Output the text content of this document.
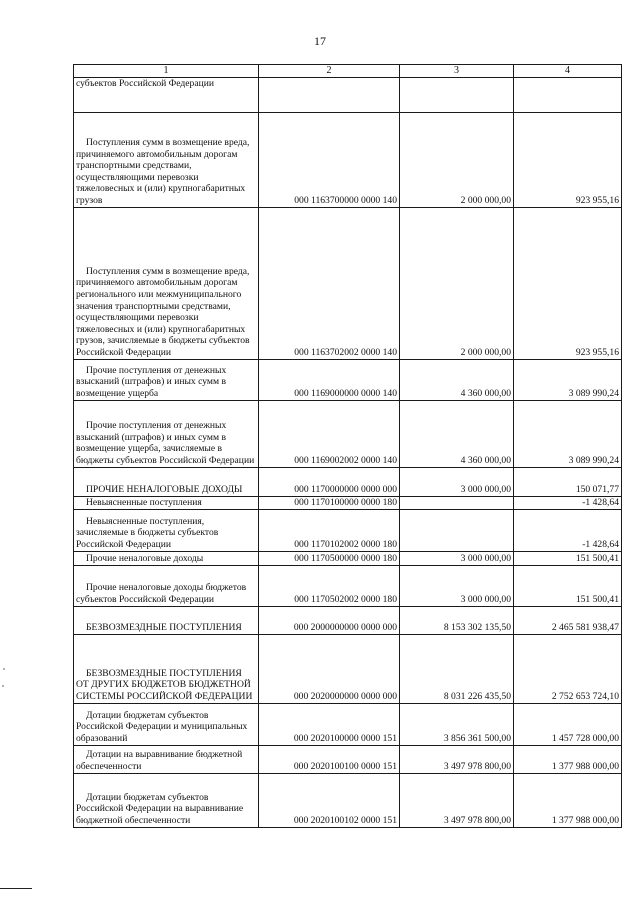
17
1	2	3	4
субъектов Российской Федерации			

Поступления сумм в возмещение вреда, причиняемого автомобильным дорогам транспортными средствами, осуществляющими перевозки тяжеловесных и (или) крупногабаритных грузов	000 1163700000 0000 140	2 000 000,00	923 955,16

Поступления сумм в возмещение вреда, причиняемого автомобильным дорогам регионального или межмуниципального значения транспортными средствами, осуществляющими перевозки тяжеловесных и (или) крупногабаритных грузов, зачисляемые в бюджеты субъектов Российской Федерации	000 1163702002 0000 140	2 000 000,00	923 955,16

Прочие поступления от денежных взысканий (штрафов) и иных сумм в возмещение ущерба	000 1169000000 0000 140	4 360 000,00	3 089 990,24

Прочие поступления от денежных взысканий (штрафов) и иных сумм в возмещение ущерба, зачисляемые в бюджеты субъектов Российской Федерации	000 1169002002 0000 140	4 360 000,00	3 089 990,24

ПРОЧИЕ НЕНАЛОГОВЫЕ ДОХОДЫ	000 1170000000 0000 000	3 000 000,00	150 071,77

Невыясненные поступления	000 1170100000 0000 180		-1 428,64

Невыясненные поступления, зачисляемые в бюджеты субъектов Российской Федерации	000 1170102002 0000 180		-1 428,64

Прочие неналоговые доходы	000 1170500000 0000 180	3 000 000,00	151 500,41

Прочие неналоговые доходы бюджетов субъектов Российской Федерации	000 1170502002 0000 180	3 000 000,00	151 500,41

БЕЗВОЗМЕЗДНЫЕ ПОСТУПЛЕНИЯ	000 2000000000 0000 000	8 153 302 135,50	2 465 581 938,47

БЕЗВОЗМЕЗДНЫЕ ПОСТУПЛЕНИЯ ОТ ДРУГИХ БЮДЖЕТОВ БЮДЖЕТНОЙ СИСТЕМЫ РОССИЙСКОЙ ФЕДЕРАЦИИ	000 2020000000 0000 000	8 031 226 435,50	2 752 653 724,10

Дотации бюджетам субъектов Российской Федерации и муниципальных образований	000 2020100000 0000 151	3 856 361 500,00	1 457 728 000,00

Дотации на выравнивание бюджетной обеспеченности	000 2020100100 0000 151	3 497 978 800,00	1 377 988 000,00

Дотации бюджетам субъектов Российской Федерации на выравнивание бюджетной обеспеченности	000 2020100102 0000 151	3 497 978 800,00	1 377 988 000,00
